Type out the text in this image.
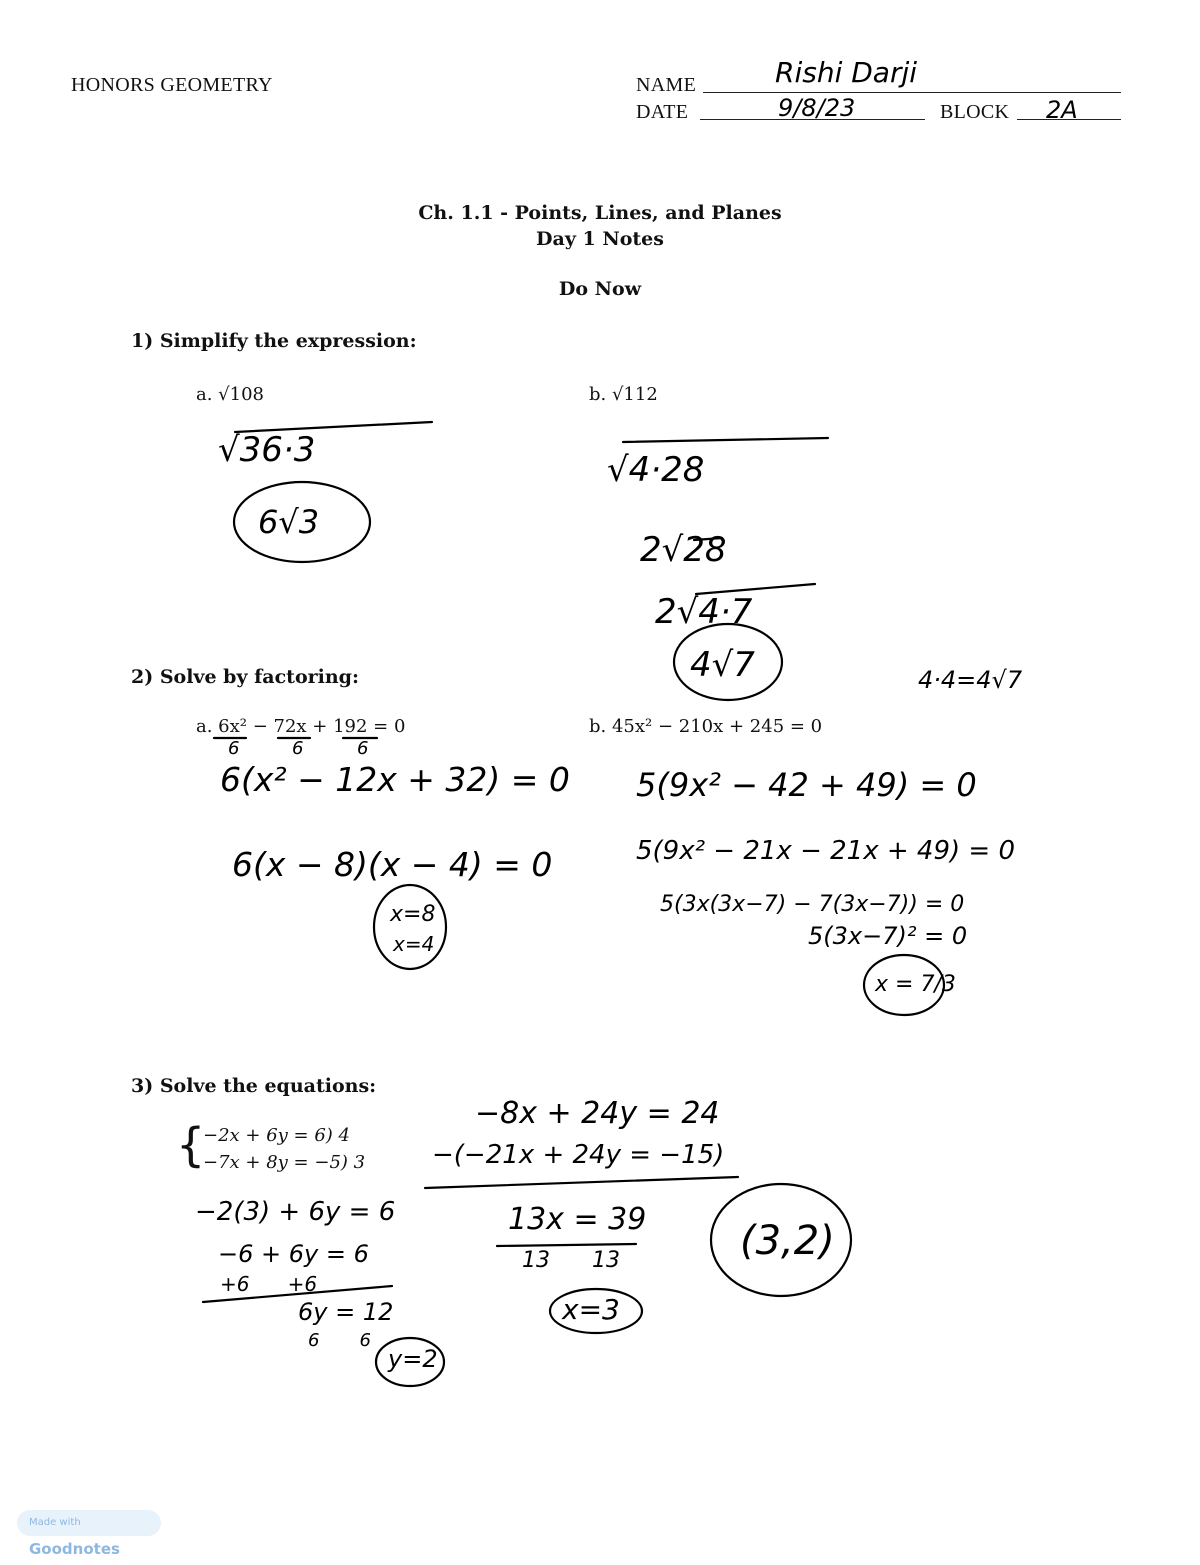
HONORS GEOMETRY	NAME	Rishi Darji
DATE	9/8/23	BLOCK 2A
Ch. 1.1 - Points, Lines, and Planes
Day 1 Notes
Do Now
1) Simplify the expression:
a. √108	b. √112
√36·3
6√3
√4·28
2√28
2√4·7
4√7	4·4=4√7
2) Solve by factoring:
a. 6x² − 72x + 192 = 0	b. 45x² − 210x + 245 = 0
6	6	6
6(x² − 12x + 32) = 0
6(x − 8)(x − 4) = 0
x=8
x=4
5(9x² − 42 + 49) = 0
5(9x² − 21x − 21x + 49) = 0
5(3x(3x−7) − 7(3x−7)) = 0
5(3x−7)² = 0
x = 7/3
3) Solve the equations:
{
−2x + 6y = 6) 4
−7x + 8y = −5) 3
−2(3) + 6y = 6
−6 + 6y = 6
+6      +6
6y = 12
6       6
y=2
−8x + 24y = 24
−(−21x + 24y = −15)
13x = 39
13      13
x=3
(3,2)
Made with Goodnotes
